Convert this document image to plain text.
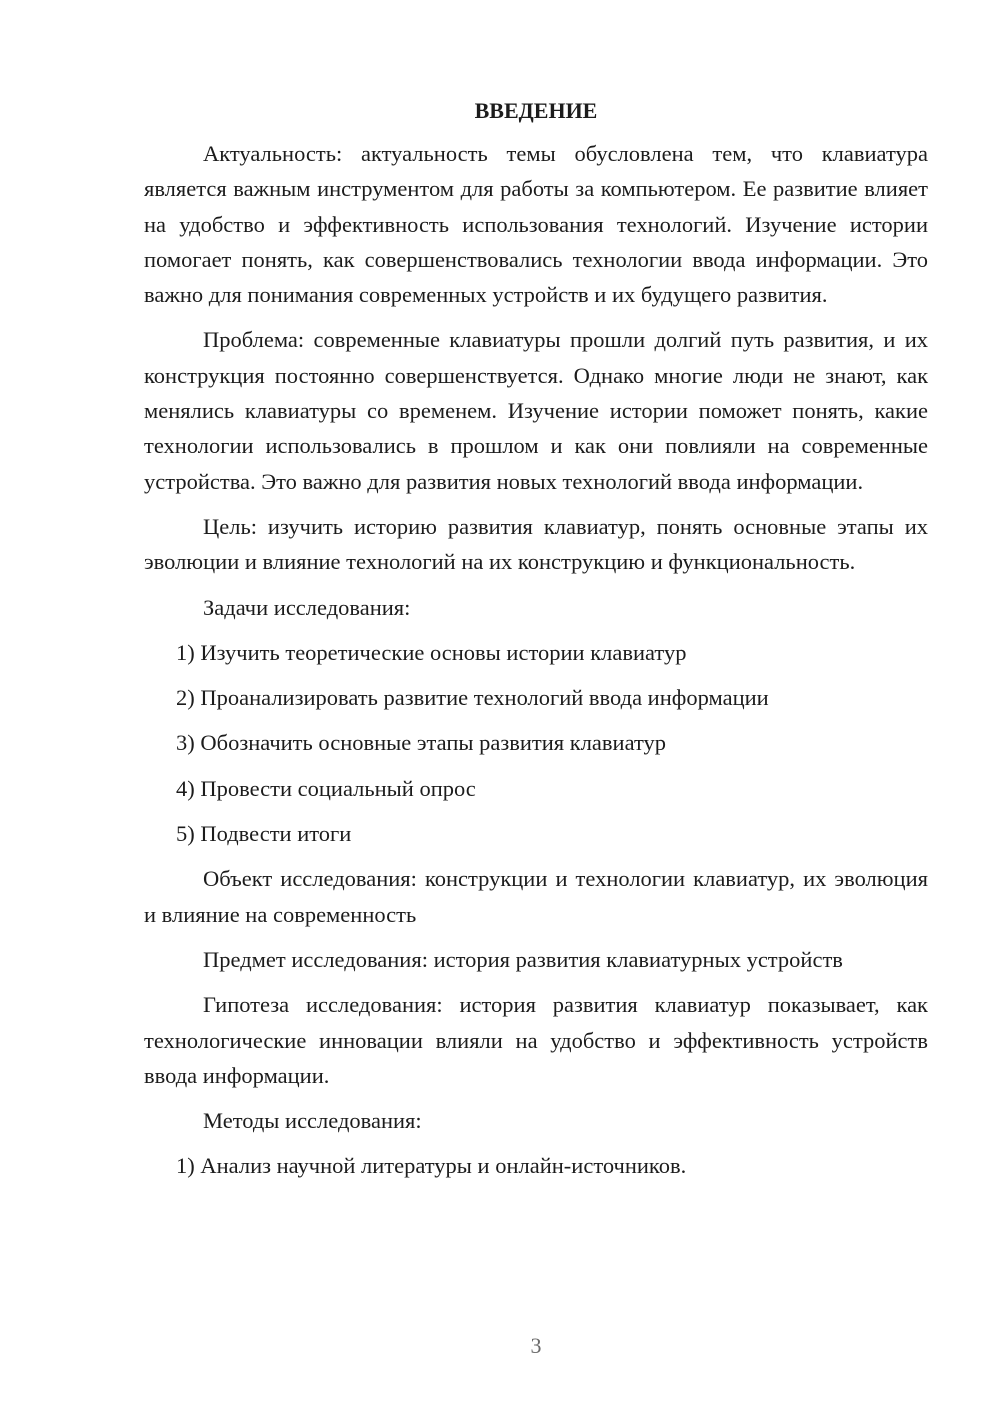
ВВЕДЕНИЕ

Актуальность: актуальность темы обусловлена тем, что клавиатура является важным инструментом для работы за компьютером. Ее развитие влияет на удобство и эффективность использования технологий. Изучение истории помогает понять, как совершенствовались технологии ввода информации. Это важно для понимания современных устройств и их будущего развития.

Проблема: современные клавиатуры прошли долгий путь развития, и их конструкция постоянно совершенствуется. Однако многие люди не знают, как менялись клавиатуры со временем. Изучение истории поможет понять, какие технологии использовались в прошлом и как они повлияли на современные устройства. Это важно для развития новых технологий ввода информации.

Цель: изучить историю развития клавиатур, понять основные этапы их эволюции и влияние технологий на их конструкцию и функциональность.

Задачи исследования:

1) Изучить теоретические основы истории клавиатур
2) Проанализировать развитие технологий ввода информации
3) Обозначить основные этапы развития клавиатур
4) Провести социальный опрос
5) Подвести итоги

Объект исследования: конструкции и технологии клавиатур, их эволюция и влияние на современность

Предмет исследования: история развития клавиатурных устройств

Гипотеза исследования: история развития клавиатур показывает, как технологические инновации влияли на удобство и эффективность устройств ввода информации.

Методы исследования:

1) Анализ научной литературы и онлайн-источников.
3
